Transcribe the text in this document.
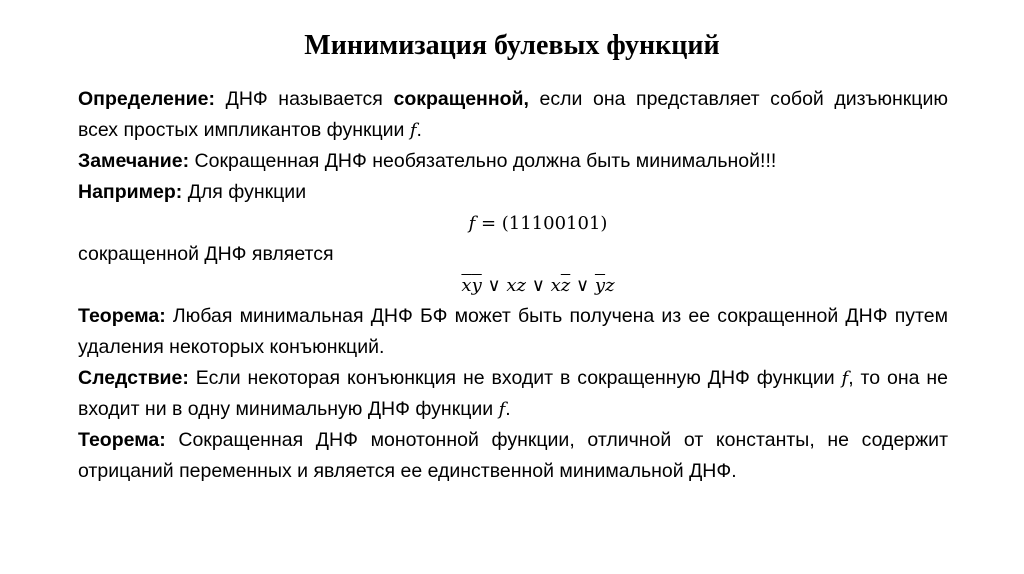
Минимизация булевых функций

Определение: ДНФ называется сокращенной, если она представляет собой дизъюнкцию всех простых импликантов функции f.

Замечание: Сокращенная ДНФ необязательно должна быть минимальной!!!

Например: Для функции

f = (11100101)

сокращенной ДНФ является

$\overline{x}\overline{y}$ ∨ xz ∨ $x\overline{z}$ ∨ $\overline{y}z$

Теорема: Любая минимальная ДНФ БФ может быть получена из ее сокращенной ДНФ путем удаления некоторых конъюнкций.

Следствие: Если некоторая конъюнкция не входит в сокращенную ДНФ функции f, то она не входит ни в одну минимальную ДНФ функции f.

Теорема: Сокращенная ДНФ монотонной функции, отличной от константы, не содержит отрицаний переменных и является ее единственной минимальной ДНФ.
